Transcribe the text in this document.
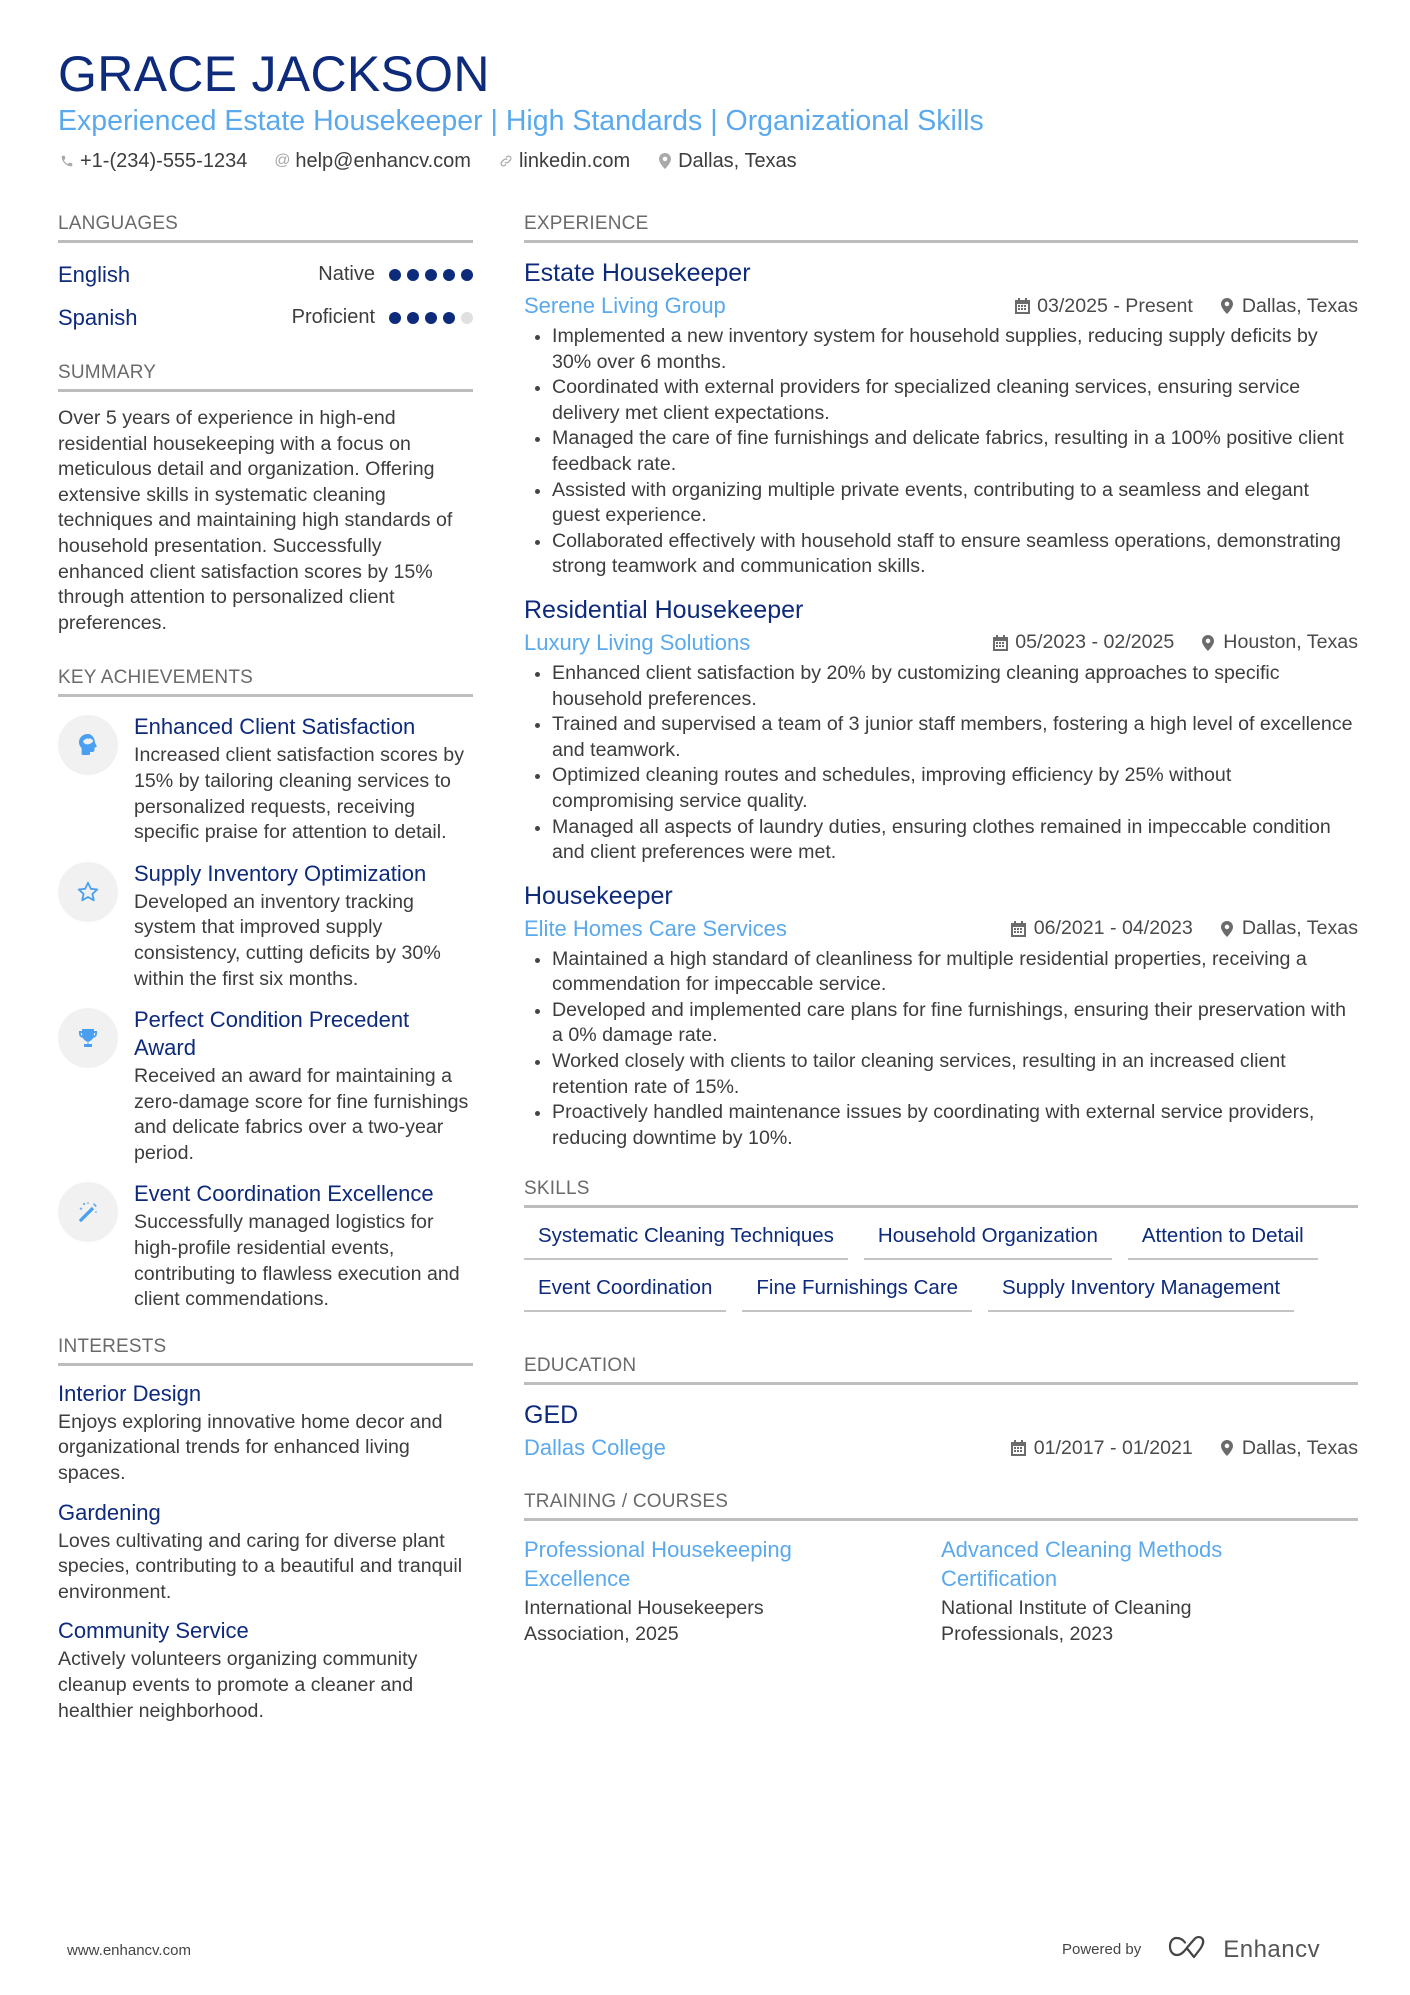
GRACE JACKSON
Experienced Estate Housekeeper | High Standards | Organizational Skills
+1-(234)-555-1234 @ help@enhancv.com linkedin.com Dallas, Texas
LANGUAGES
English	Native
Spanish	Proficient
SUMMARY

Over 5 years of experience in high-end residential housekeeping with a focus on meticulous detail and organization. Offering extensive skills in systematic cleaning techniques and maintaining high standards of household presentation. Successfully enhanced client satisfaction scores by 15% through attention to personalized client preferences.

KEY ACHIEVEMENTS
Enhanced Client Satisfaction
Increased client satisfaction scores by 15% by tailoring cleaning services to personalized requests, receiving specific praise for attention to detail.
Supply Inventory Optimization
Developed an inventory tracking system that improved supply consistency, cutting deficits by 30% within the first six months.
Perfect Condition Precedent Award
Received an award for maintaining a zero-damage score for fine furnishings and delicate fabrics over a two-year period.
Event Coordination Excellence
Successfully managed logistics for high-profile residential events, contributing to flawless execution and client commendations.
INTERESTS
Interior Design
Enjoys exploring innovative home decor and organizational trends for enhanced living spaces.
Gardening
Loves cultivating and caring for diverse plant species, contributing to a beautiful and tranquil environment.
Community Service
Actively volunteers organizing community cleanup events to promote a cleaner and healthier neighborhood.
EXPERIENCE
Estate Housekeeper
Serene Living Group	03/2025 - Present	Dallas, Texas
Implemented a new inventory system for household supplies, reducing supply deficits by 30% over 6 months.
Coordinated with external providers for specialized cleaning services, ensuring service delivery met client expectations.
Managed the care of fine furnishings and delicate fabrics, resulting in a 100% positive client feedback rate.
Assisted with organizing multiple private events, contributing to a seamless and elegant guest experience.
Collaborated effectively with household staff to ensure seamless operations, demonstrating strong teamwork and communication skills.
Residential Housekeeper
Luxury Living Solutions	05/2023 - 02/2025	Houston, Texas
Enhanced client satisfaction by 20% by customizing cleaning approaches to specific household preferences.
Trained and supervised a team of 3 junior staff members, fostering a high level of excellence and teamwork.
Optimized cleaning routes and schedules, improving efficiency by 25% without compromising service quality.
Managed all aspects of laundry duties, ensuring clothes remained in impeccable condition and client preferences were met.
Housekeeper
Elite Homes Care Services	06/2021 - 04/2023	Dallas, Texas
Maintained a high standard of cleanliness for multiple residential properties, receiving a commendation for impeccable service.
Developed and implemented care plans for fine furnishings, ensuring their preservation with a 0% damage rate.
Worked closely with clients to tailor cleaning services, resulting in an increased client retention rate of 15%.
Proactively handled maintenance issues by coordinating with external service providers, reducing downtime by 10%.
SKILLS
Systematic Cleaning Techniques	Household Organization	Attention to Detail
Event Coordination	Fine Furnishings Care	Supply Inventory Management
EDUCATION
GED
Dallas College	01/2017 - 01/2021	Dallas, Texas
TRAINING / COURSES
Professional Housekeeping Excellence
International Housekeepers Association, 2025
Advanced Cleaning Methods Certification
National Institute of Cleaning Professionals, 2023
www.enhancv.com	Powered by	Enhancv
